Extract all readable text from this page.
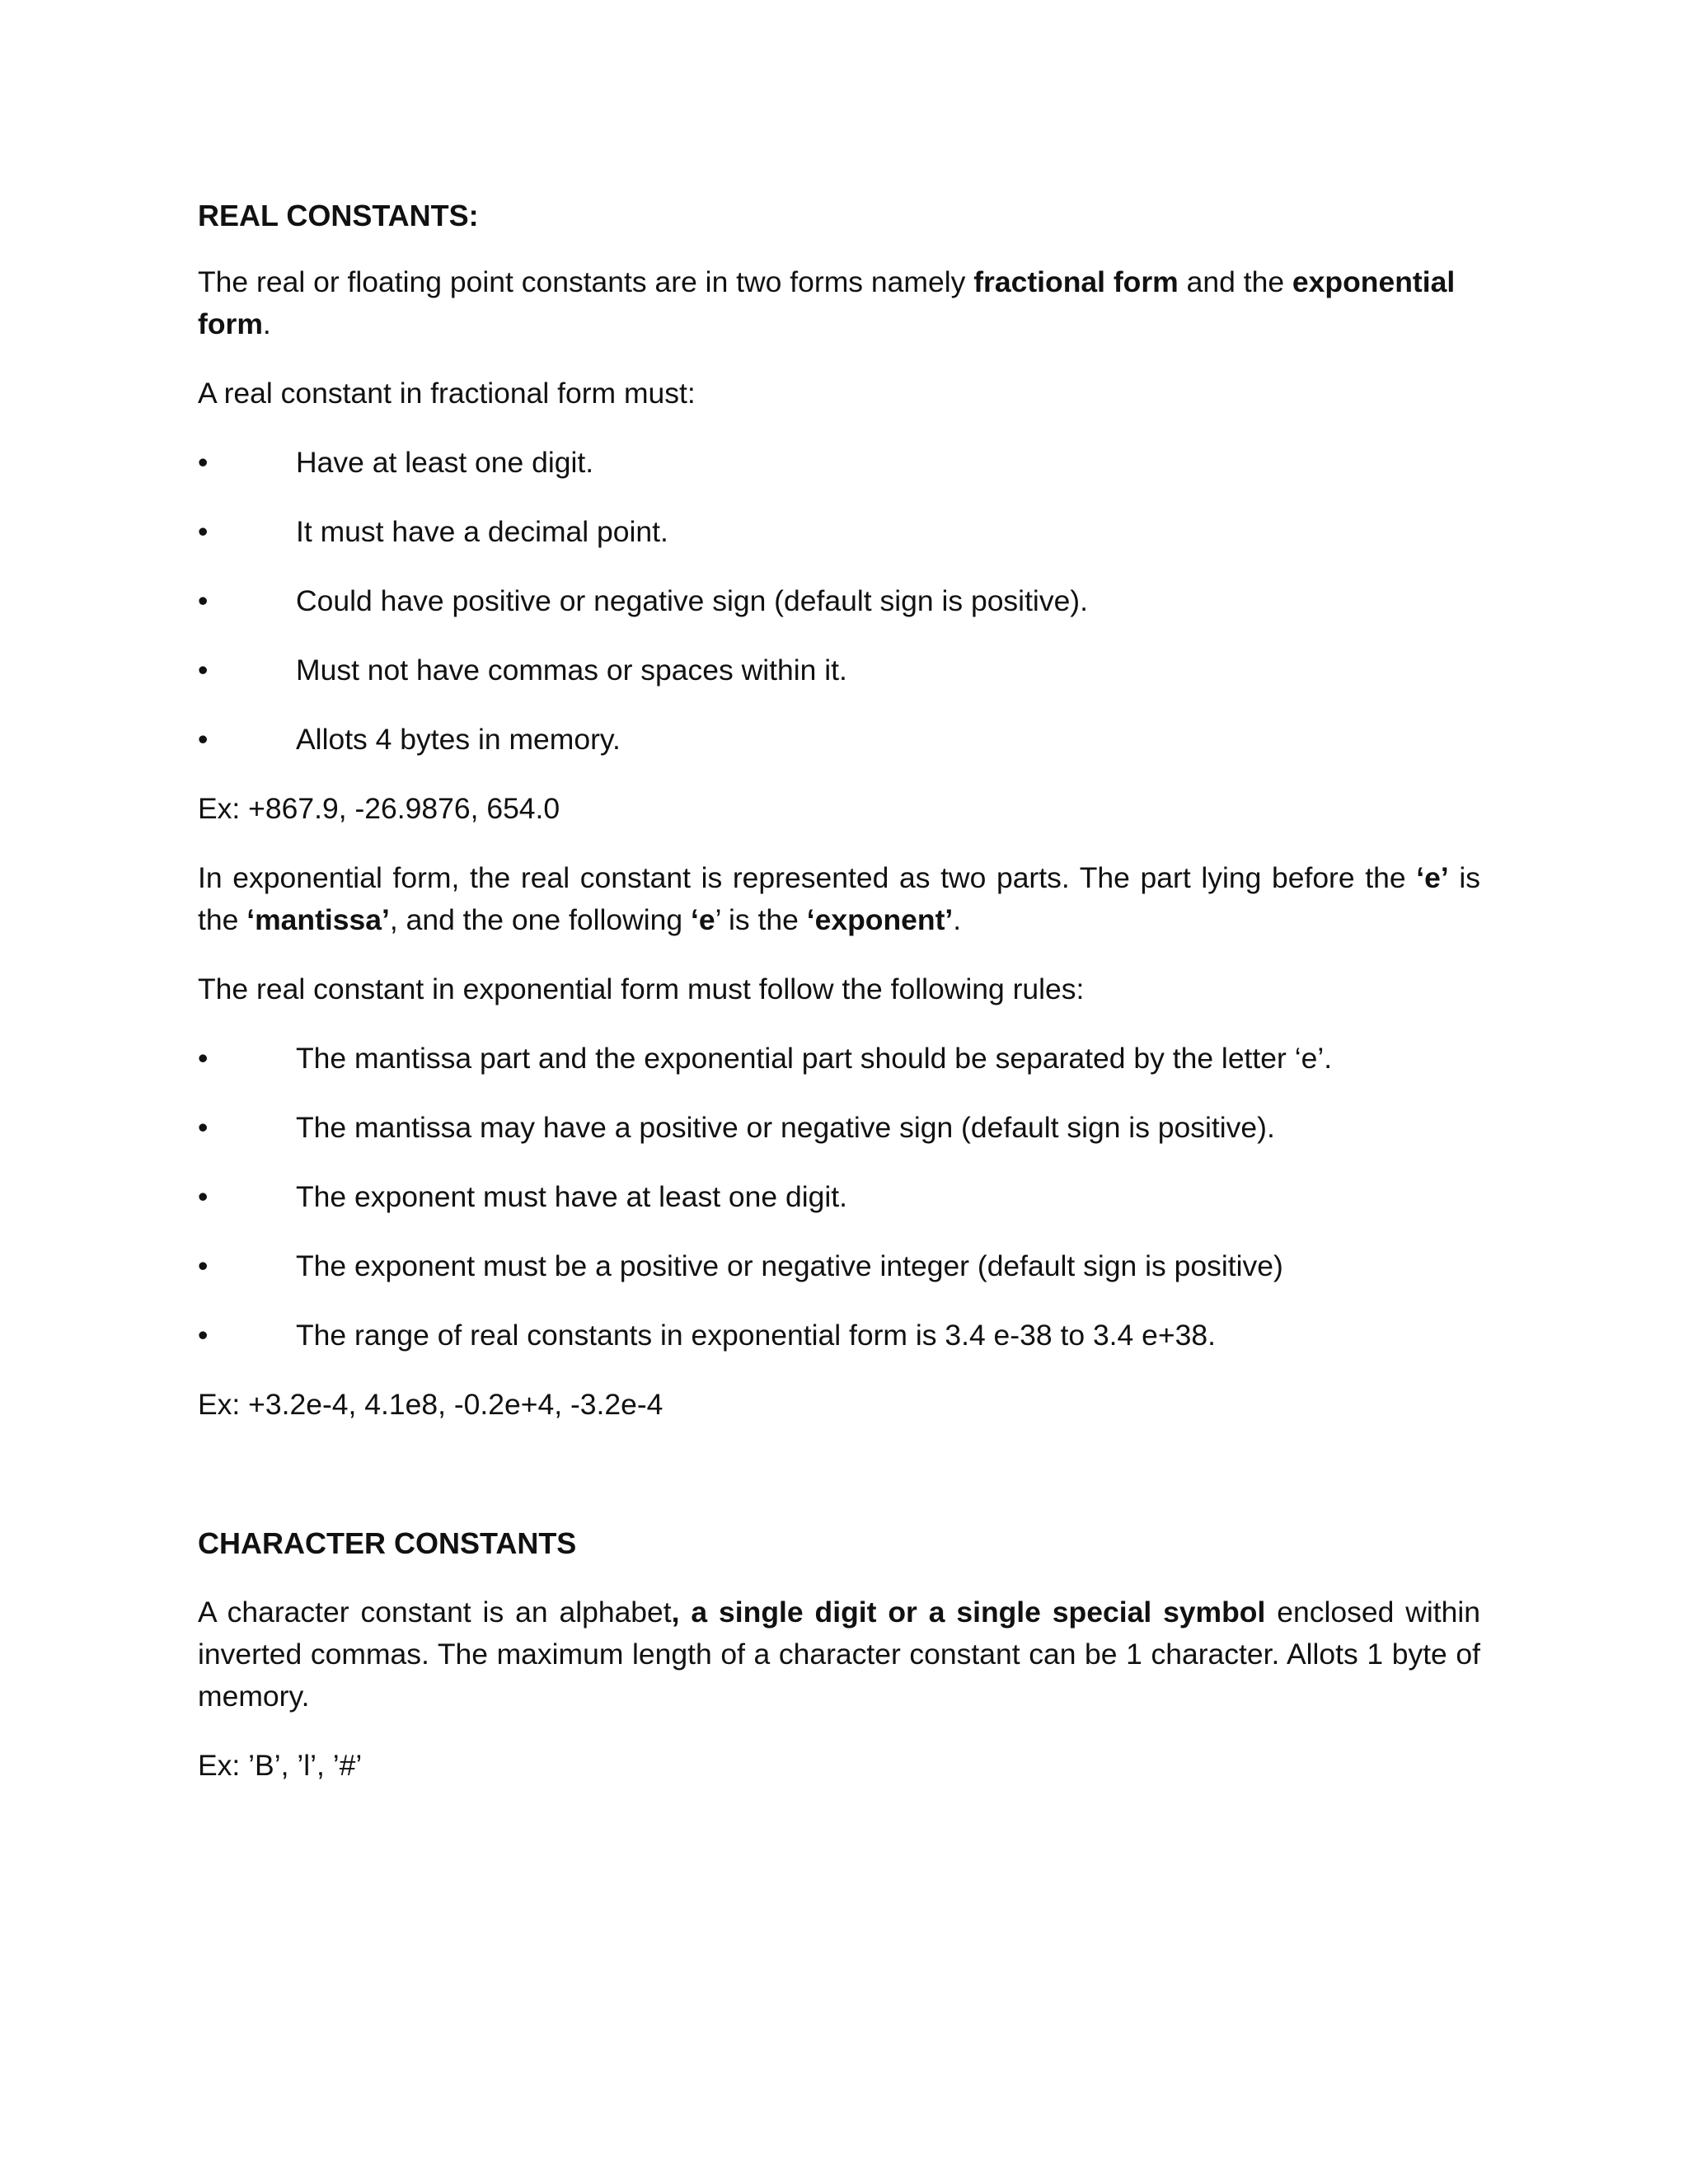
REAL CONSTANTS:

The real or floating point constants are in two forms namely fractional form and the exponential form.

A real constant in fractional form must:

•	Have at least one digit.
•	It must have a decimal point.
•	Could have positive or negative sign (default sign is positive).
•	Must not have commas or spaces within it.
•	Allots 4 bytes in memory.

Ex: +867.9, -26.9876, 654.0

In exponential form, the real constant is represented as two parts. The part lying before the ‘e’ is the ‘mantissa’, and the one following ‘e’ is the ‘exponent’.

The real constant in exponential form must follow the following rules:

•	The mantissa part and the exponential part should be separated by the letter ‘e’.
•	The mantissa may have a positive or negative sign (default sign is positive).
•	The exponent must have at least one digit.
•	The exponent must be a positive or negative integer (default sign is positive)
•	The range of real constants in exponential form is 3.4 e-38 to 3.4 e+38.

Ex: +3.2e-4, 4.1e8, -0.2e+4, -3.2e-4

CHARACTER CONSTANTS

A character constant is an alphabet, a single digit or a single special symbol enclosed within inverted commas. The maximum length of a character constant can be 1 character. Allots 1 byte of memory.

Ex: ’B’, ’l’, ’#’
